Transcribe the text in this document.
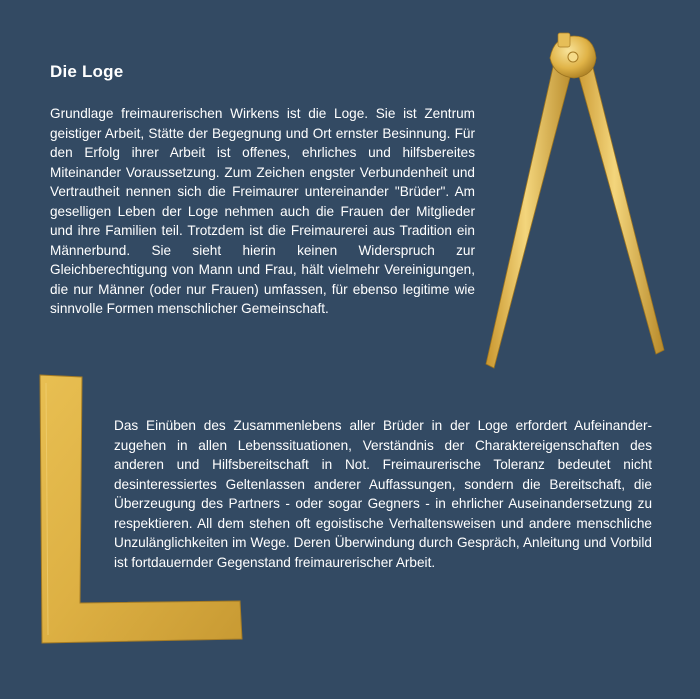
Die Loge

Grundlage freimaurerischen Wirkens ist die Loge. Sie ist Zentrum geistiger Arbeit, Stätte der Begegnung und Ort ernster Besinnung. Für den Erfolg ihrer Arbeit ist offenes, ehrliches und hilfsbereites Miteinander Voraussetzung. Zum Zeichen engster Verbundenheit und Vertrautheit nennen sich die Freimaurer untereinander "Brüder". Am geselligen Leben der Loge nehmen auch die Frauen der Mitglieder und ihre Familien teil. Trotzdem ist die Freimaurerei aus Tradition ein Männerbund. Sie sieht hierin keinen Widerspruch zur Gleichberechtigung von Mann und Frau, hält vielmehr Vereinigungen, die nur Männer (oder nur Frauen) umfassen, für ebenso legitime wie sinnvolle Formen menschlicher Gemeinschaft.

Das Einüben des Zusammenlebens aller Brüder in der Loge erfordert Aufeinanderzugehen in allen Lebenssituationen, Verständnis der Charaktereigenschaften des anderen und Hilfsbereitschaft in Not. Freimaurerische Toleranz bedeutet nicht desinteressiertes Geltenlassen anderer Auffassungen, sondern die Bereitschaft, die Überzeugung des Partners - oder sogar Gegners - in ehrlicher Auseinandersetzung zu respektieren. All dem stehen oft egoistische Verhaltensweisen und andere menschliche Unzulänglichkeiten im Wege. Deren Überwindung durch Gespräch, Anleitung und Vorbild ist fortdauernder Gegenstand freimaurerischer Arbeit.
